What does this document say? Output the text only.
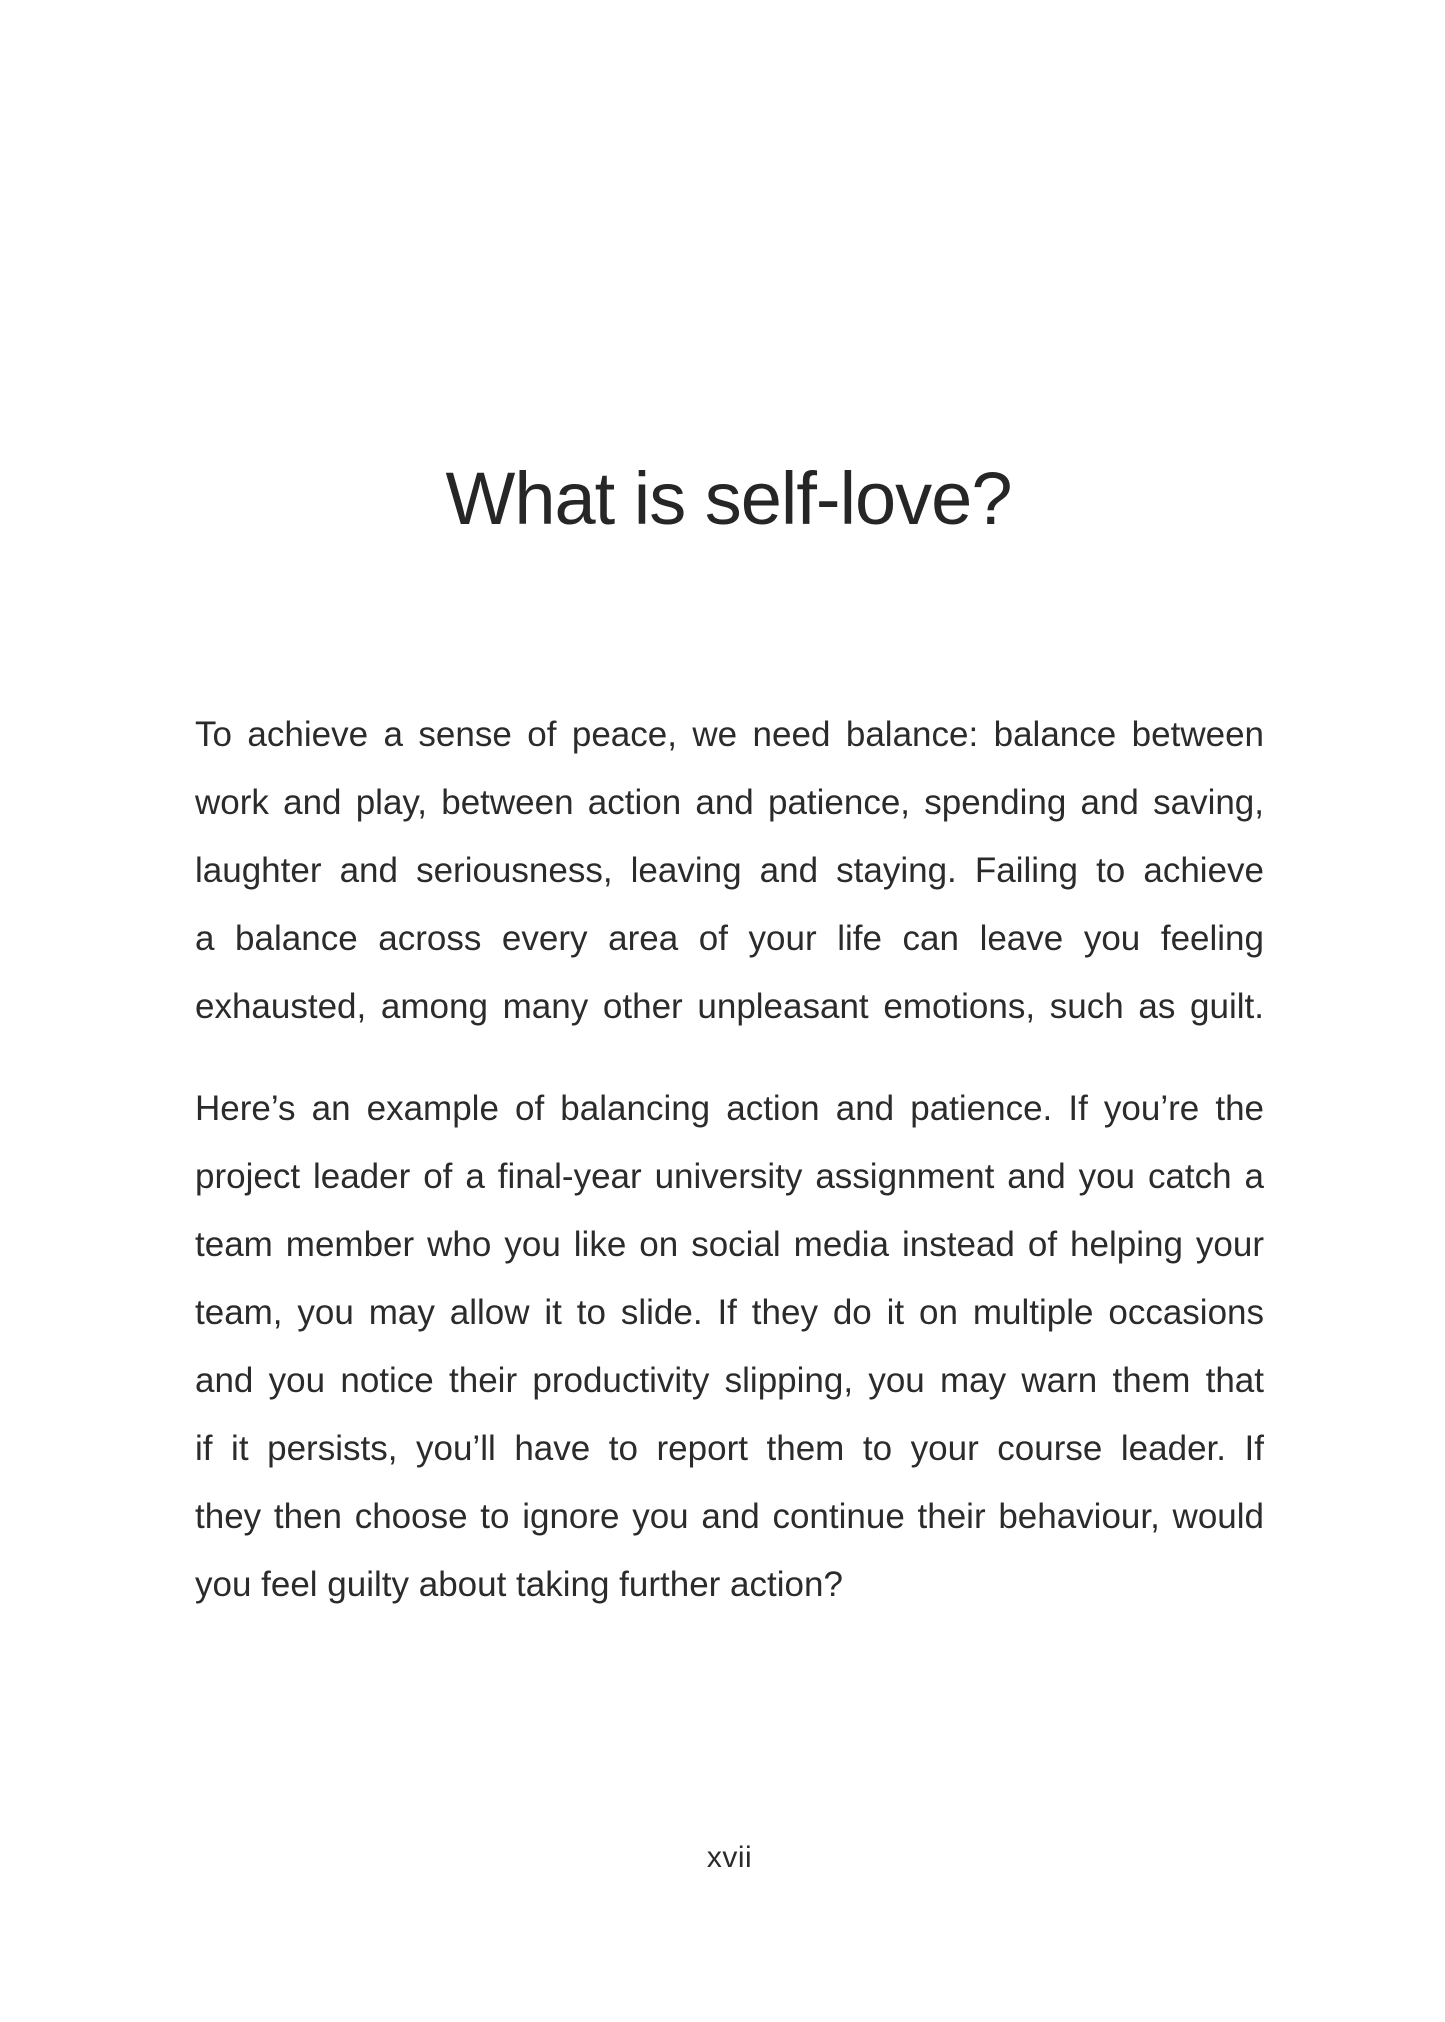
What is self-love?
To achieve a sense of peace, we need balance: balance between
work and play, between action and patience, spending and saving,
laughter and seriousness, leaving and staying. Failing to achieve
a balance across every area of your life can leave you feeling
exhausted, among many other unpleasant emotions, such as guilt.
Here’s an example of balancing action and patience. If you’re the
project leader of a final-year university assignment and you catch a
team member who you like on social media instead of helping your
team, you may allow it to slide. If they do it on multiple occasions
and you notice their productivity slipping, you may warn them that
if it persists, you’ll have to report them to your course leader. If
they then choose to ignore you and continue their behaviour, would
you feel guilty about taking further action?
xvii
